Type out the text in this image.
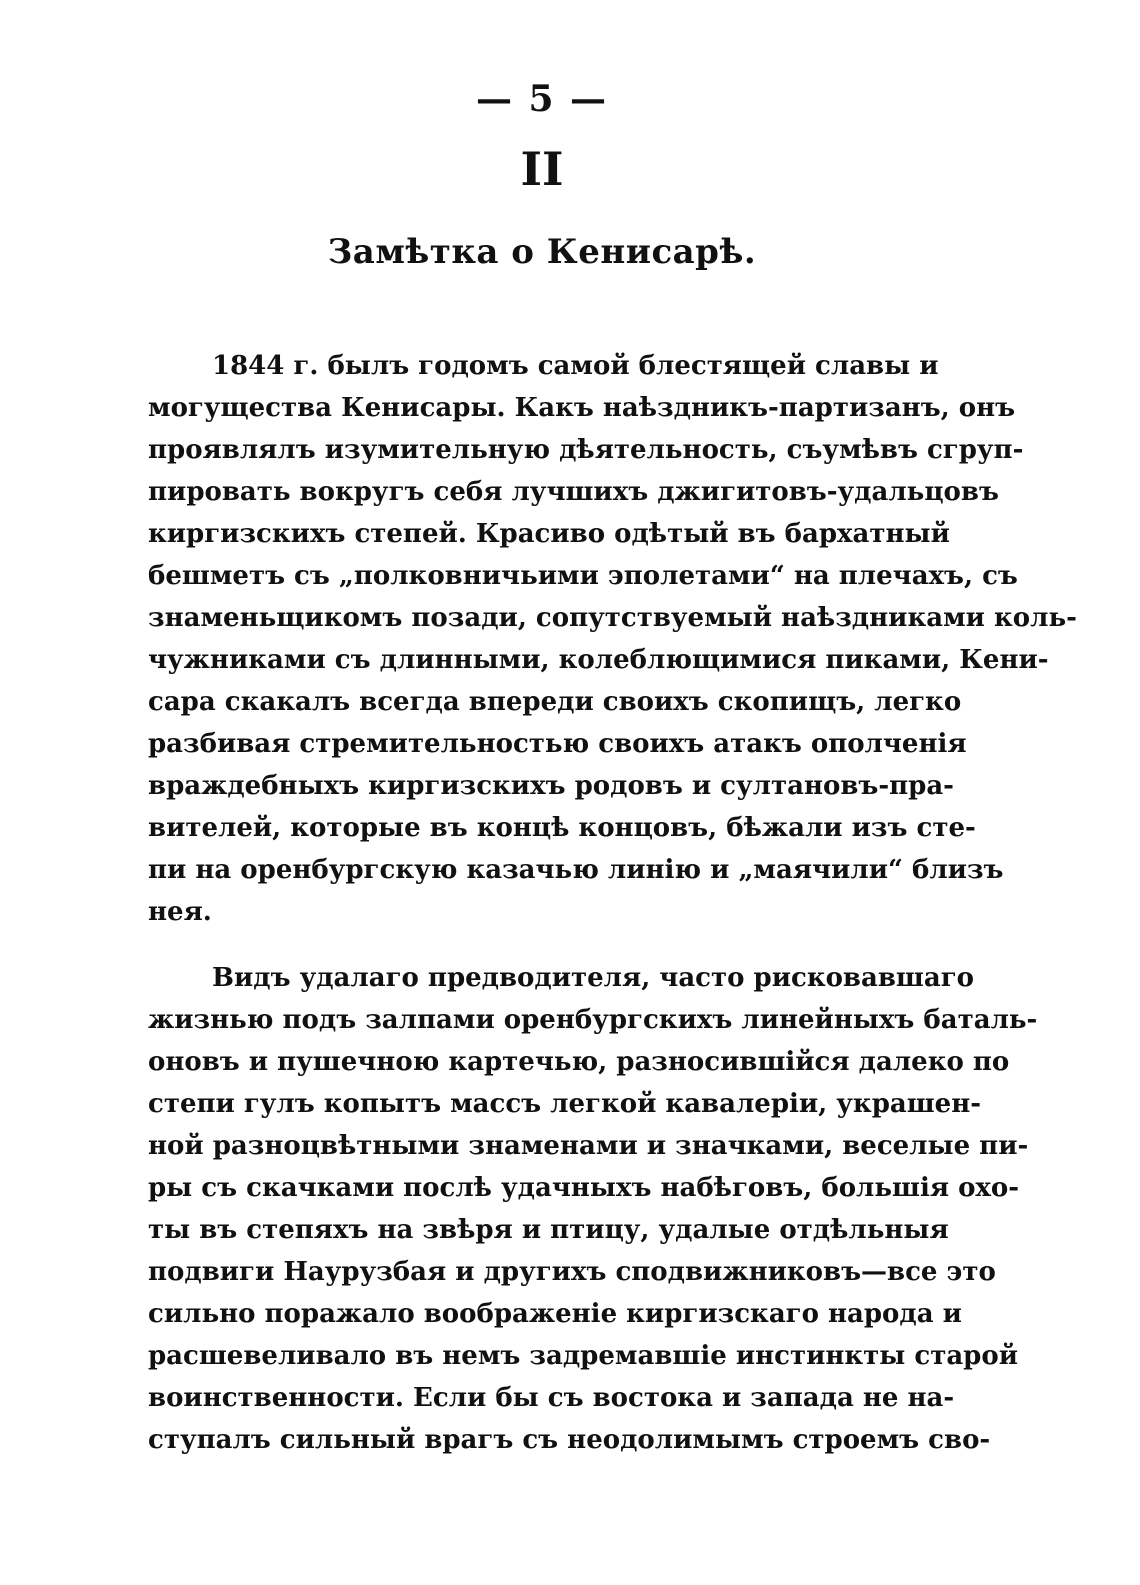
— 5 —
II
Замѣтка о Кенисарѣ.
1844 г. былъ годомъ самой блестящей славы и
могущества Кенисары. Какъ наѣздникъ-партизанъ, онъ
проявлялъ изумительную дѣятельность, съумѣвъ сгруп-
пировать вокругъ себя лучшихъ джигитовъ-удальцовъ
киргизскихъ степей. Красиво одѣтый въ бархатный
бешметъ съ „полковничьими эполетами“ на плечахъ, съ
знаменьщикомъ позади, сопутствуемый наѣздниками коль-
чужниками съ длинными, колеблющимися пиками, Кени-
сара скакалъ всегда впереди своихъ скопищъ, легко
разбивая стремительностью своихъ атакъ ополченія
враждебныхъ киргизскихъ родовъ и султановъ-пра-
вителей, которые въ концѣ концовъ, бѣжали изъ сте-
пи на оренбургскую казачью линію и „маячили“ близъ
нея.
Видъ удалаго предводителя, часто рисковавшаго
жизнью подъ залпами оренбургскихъ линейныхъ баталь-
оновъ и пушечною картечью, разносившійся далеко по
степи гулъ копытъ массъ легкой кавалеріи, украшен-
ной разноцвѣтными знаменами и значками, веселые пи-
ры съ скачками послѣ удачныхъ набѣговъ, большія охо-
ты въ степяхъ на звѣря и птицу, удалые отдѣльныя
подвиги Наурузбая и другихъ сподвижниковъ—все это
сильно поражало воображеніе киргизскаго народа и
расшевеливало въ немъ задремавшіе инстинкты старой
воинственности. Если бы съ востока и запада не на-
ступалъ сильный врагъ съ неодолимымъ строемъ сво-
